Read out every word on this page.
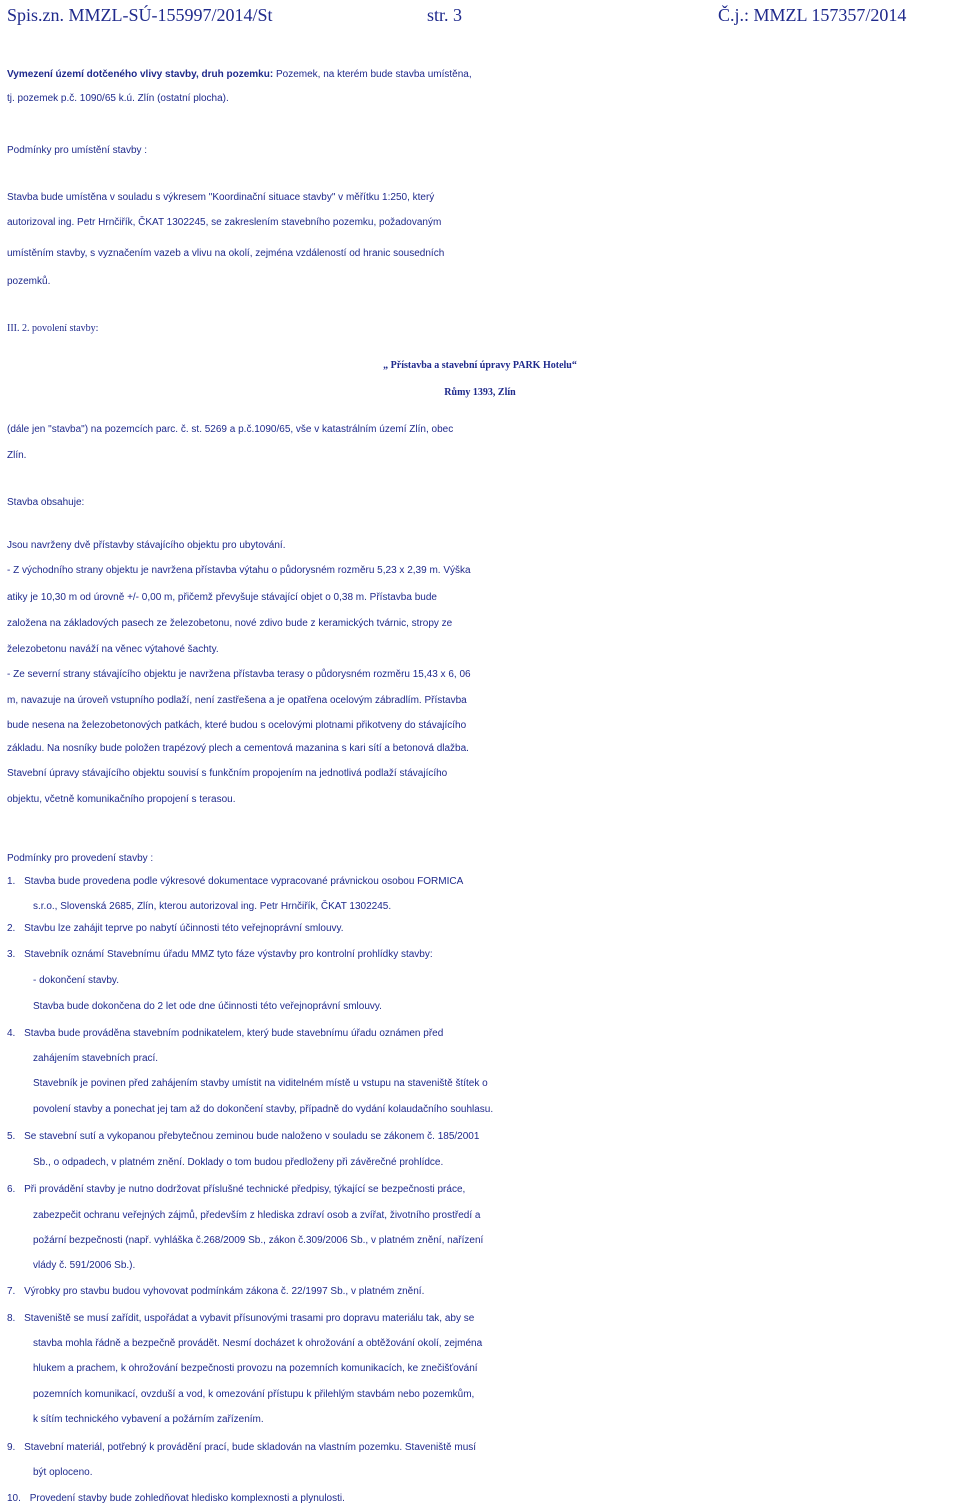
Spis.zn. MMZL-SÚ-155997/2014/St	str. 3	Č.j.: MMZL 157357/2014
Vymezení území dotčeného vlivy stavby, druh pozemku: Pozemek, na kterém bude stavba umístěna,
tj. pozemek p.č. 1090/65 k.ú. Zlín (ostatní plocha).
Podmínky pro umístění stavby :
Stavba bude umístěna v souladu s výkresem "Koordinační situace stavby" v měřítku 1:250, který
autorizoval ing. Petr Hrnčiřík, ČKAT 1302245, se zakreslením stavebního pozemku, požadovaným
umístěním stavby, s vyznačením vazeb a vlivu na okolí, zejména vzdáleností od hranic sousedních
pozemků.
III. 2. povolení stavby:
„ Přístavba a stavební úpravy PARK Hotelu“
Růmy 1393, Zlín
(dále jen "stavba") na pozemcích parc. č. st. 5269 a p.č.1090/65, vše v katastrálním území Zlín, obec
Zlín.
Stavba obsahuje:
Jsou navrženy dvě přístavby stávajícího objektu pro ubytování.
- Z východního strany objektu je navržena přístavba výtahu o půdorysném rozměru 5,23 x 2,39 m. Výška
atiky je 10,30 m od úrovně +/- 0,00 m, přičemž převyšuje stávající objet o 0,38 m. Přístavba bude
založena na základových pasech ze železobetonu, nové zdivo bude z keramických tvárnic, stropy ze
železobetonu naváží na věnec výtahové šachty.
- Ze severní strany stávajícího objektu je navržena přístavba terasy o půdorysném rozměru 15,43 x 6, 06
m, navazuje na úroveň vstupního podlaží, není zastřešena a je opatřena ocelovým zábradlím. Přístavba
bude nesena na železobetonových patkách, které budou s ocelovými plotnami přikotveny do stávajícího
základu. Na nosníky bude položen trapézový plech a cementová mazanina s kari sítí a betonová dlažba.
Stavební úpravy stávajícího objektu souvisí s funkčním propojením na jednotlivá podlaží stávajícího
objektu, včetně komunikačního propojení s terasou.
Podmínky pro provedení stavby :
1. Stavba bude provedena podle výkresové dokumentace vypracované právnickou osobou FORMICA
s.r.o., Slovenská 2685, Zlín, kterou autorizoval ing. Petr Hrnčiřík, ČKAT 1302245.
2. Stavbu lze zahájit teprve po nabytí účinnosti této veřejnoprávní smlouvy.
3. Stavebník oznámí Stavebnímu úřadu MMZ tyto fáze výstavby pro kontrolní prohlídky stavby:
- dokončení stavby.
Stavba bude dokončena do 2 let ode dne účinnosti této veřejnoprávní smlouvy.
4. Stavba bude prováděna stavebním podnikatelem, který bude stavebnímu úřadu oznámen před
zahájením stavebních prací.
Stavebník je povinen před zahájením stavby umístit na viditelném místě u vstupu na staveniště štítek o
povolení stavby a ponechat jej tam až do dokončení stavby, případně do vydání kolaudačního souhlasu.
5. Se stavební sutí a vykopanou přebytečnou zeminou bude naloženo v souladu se zákonem č. 185/2001
Sb., o odpadech, v platném znění. Doklady o tom budou předloženy při závěrečné prohlídce.
6. Při provádění stavby je nutno dodržovat příslušné technické předpisy, týkající se bezpečnosti práce,
zabezpečit ochranu veřejných zájmů, především z hlediska zdraví osob a zvířat, životního prostředí a
požární bezpečnosti (např. vyhláška č.268/2009 Sb., zákon č.309/2006 Sb., v platném znění, nařízení
vlády č. 591/2006 Sb.).
7. Výrobky pro stavbu budou vyhovovat podmínkám zákona č. 22/1997 Sb., v platném znění.
8. Staveniště se musí zařídit, uspořádat a vybavit přísunovými trasami pro dopravu materiálu tak, aby se
stavba mohla řádně a bezpečně provádět. Nesmí docházet k ohrožování a obtěžování okolí, zejména
hlukem a prachem, k ohrožování bezpečnosti provozu na pozemních komunikacích, ke znečišťování
pozemních komunikací, ovzduší a vod, k omezování přístupu k přilehlým stavbám nebo pozemkům,
k sítím technického vybavení a požárním zařízením.
9. Stavební materiál, potřebný k provádění prací, bude skladován na vlastním pozemku. Staveniště musí
být oploceno.
10. Provedení stavby bude zohledňovat hledisko komplexnosti a plynulosti.
